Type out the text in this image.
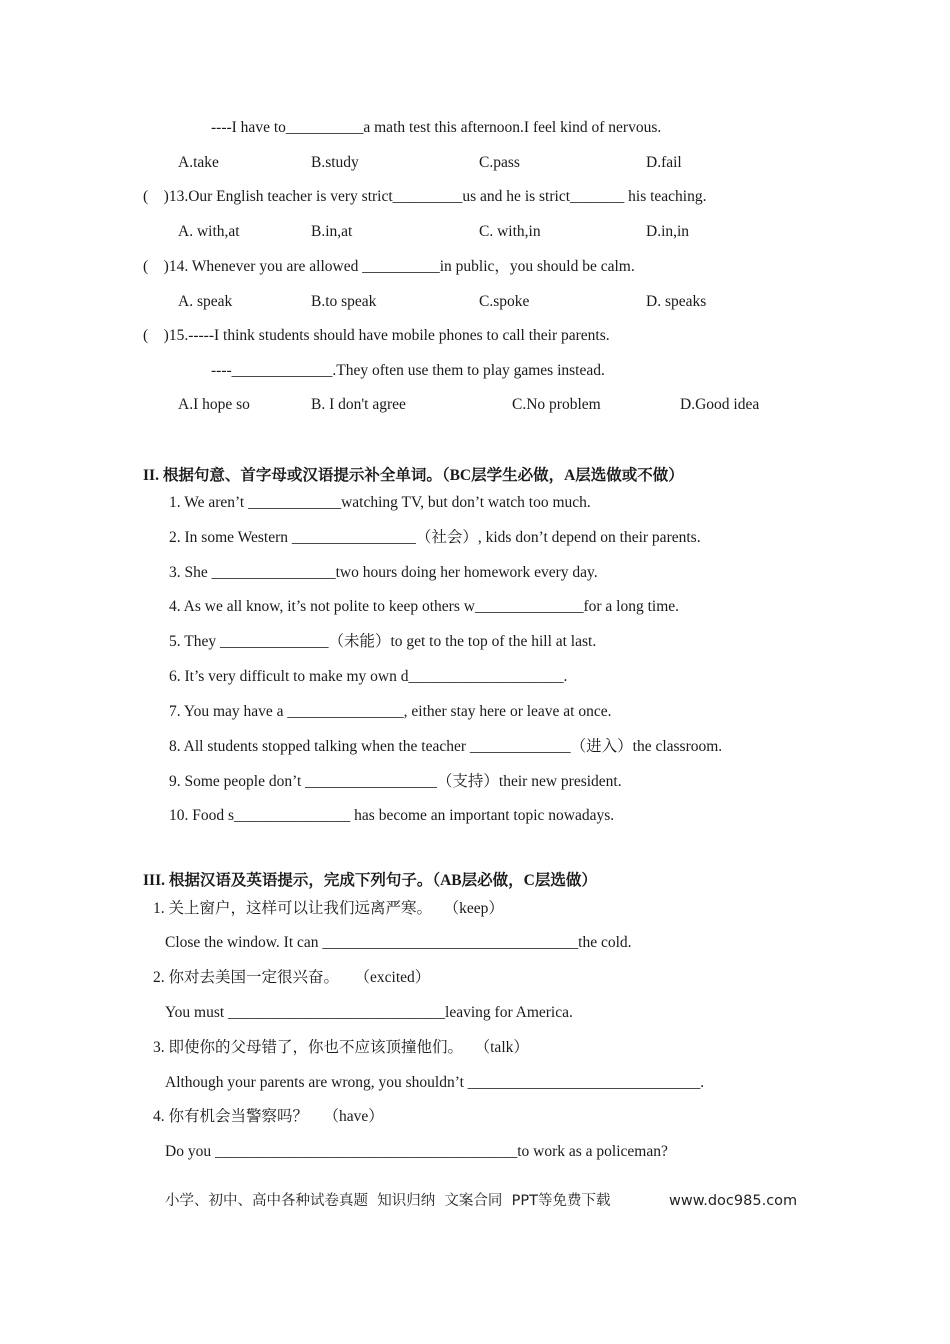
----I have to__________a math test this afternoon.I feel kind of nervous.
A.take	B.study	C.pass	D.fail
(    )13.Our English teacher is very strict_________us and he is strict_______ his teaching.
A. with,at	B.in,at	C. with,in	D.in,in
(    )14. Whenever you are allowed __________in public，you should be calm.
A. speak	B.to speak	C.spoke	D. speaks
(    )15.-----I think students should have mobile phones to call their parents.
----_____________.They often use them to play games instead.
A.I hope so	B. I don't agree	C.No problem	D.Good idea
II. 根据句意、首字母或汉语提示补全单词。（BC层学生必做，A层选做或不做）
1. We aren’t ____________watching TV, but don’t watch too much.
2. In some Western ________________（社会）, kids don’t depend on their parents.
3. She ________________two hours doing her homework every day.
4. As we all know, it’s not polite to keep others w______________for a long time.
5. They ______________（未能）to get to the top of the hill at last.
6. It’s very difficult to make my own d____________________.
7. You may have a _______________, either stay here or leave at once.
8. All students stopped talking when the teacher _____________（进入）the classroom.
9. Some people don’t _________________（支持）their new president.
10. Food s_______________ has become an important topic nowadays.
III. 根据汉语及英语提示，完成下列句子。（AB层必做，C层选做）
1. 关上窗户，这样可以让我们远离严寒。   （keep）
Close the window. It can _________________________________the cold.
2. 你对去美国一定很兴奋。    （excited）
You must ____________________________leaving for America.
3. 即使你的父母错了，你也不应该顶撞他们。   （talk）
Although your parents are wrong, you shouldn’t ______________________________.
4. 你有机会当警察吗？    （have）
Do you _______________________________________to work as a policeman?
小学、初中、高中各种试卷真题  知识归纳  文案合同  PPT等免费下载	www.doc985.com
